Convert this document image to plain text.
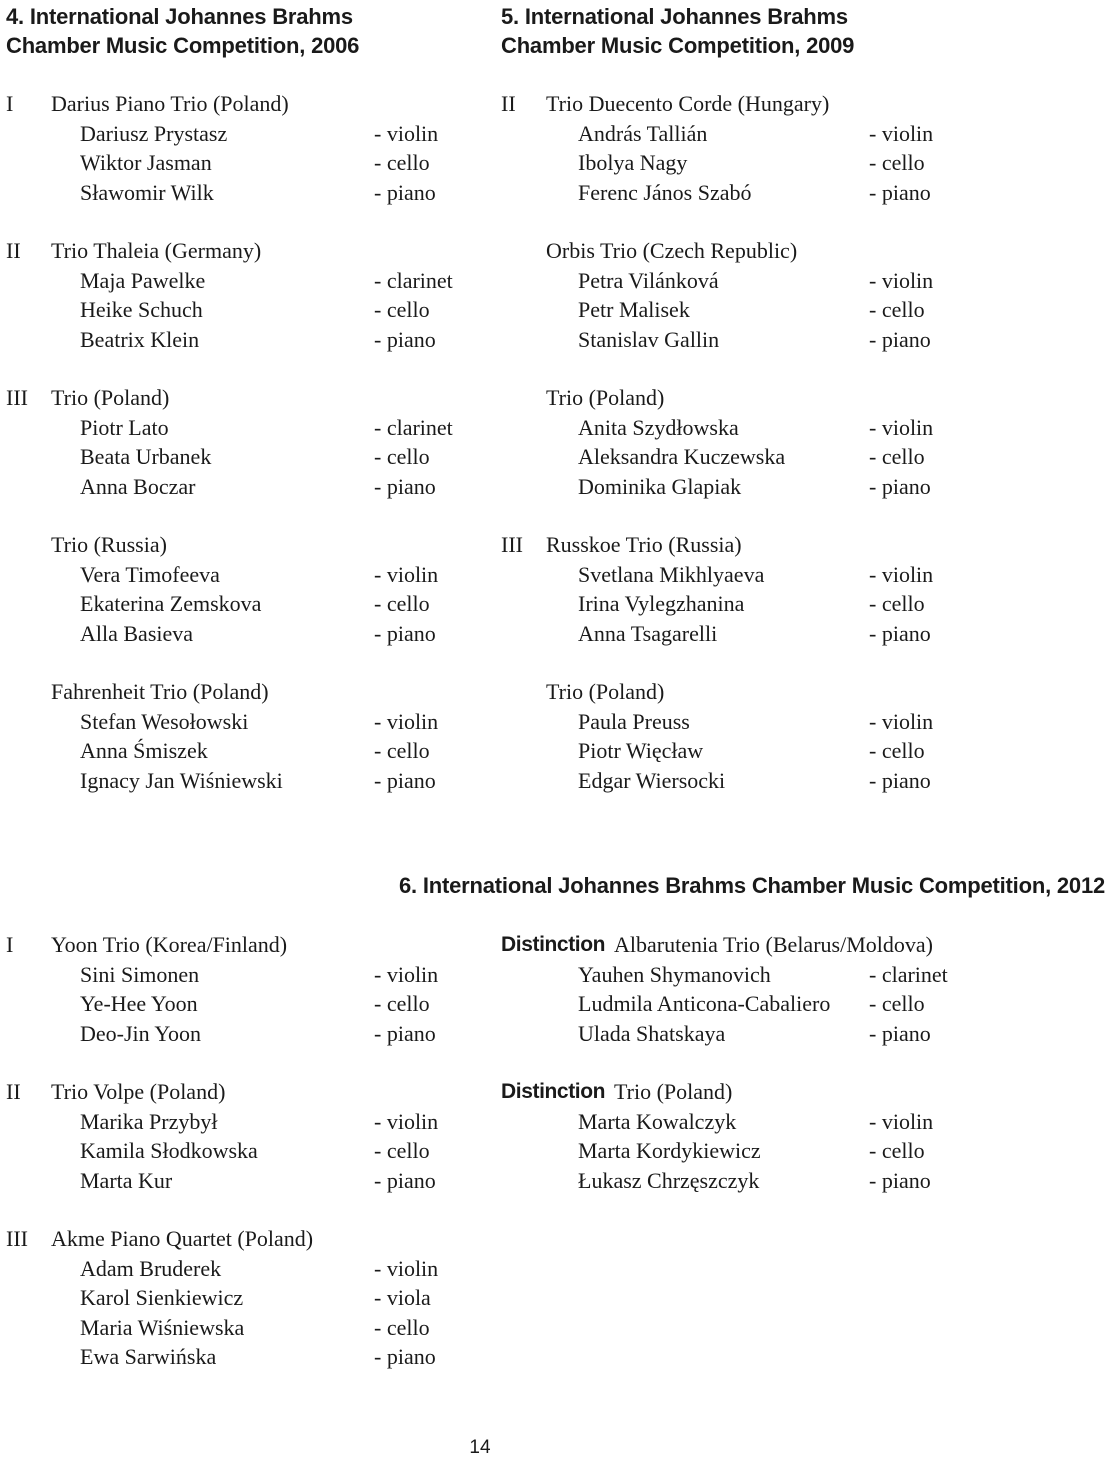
4. International Johannes Brahms
Chamber Music Competition, 2006
I Darius Piano Trio (Poland)
Dariusz Prystasz	- violin
Wiktor Jasman	- cello
Sławomir Wilk	- piano
II Trio Thaleia (Germany)
Maja Pawelke	- clarinet
Heike Schuch	- cello
Beatrix Klein	- piano
III Trio (Poland)
Piotr Lato	- clarinet
Beata Urbanek	- cello
Anna Boczar	- piano
Trio (Russia)
Vera Timofeeva	- violin
Ekaterina Zemskova	- cello
Alla Basieva	- piano
Fahrenheit Trio (Poland)
Stefan Wesołowski	- violin
Anna Śmiszek	- cello
Ignacy Jan Wiśniewski	- piano
5. International Johannes Brahms
Chamber Music Competition, 2009
II Trio Duecento Corde (Hungary)
András Tallián	- violin
Ibolya Nagy	- cello
Ferenc János Szabó	- piano
Orbis Trio (Czech Republic)
Petra Vilánková	- violin
Petr Malisek	- cello
Stanislav Gallin	- piano
Trio (Poland)
Anita Szydłowska	- violin
Aleksandra Kuczewska	- cello
Dominika Glapiak	- piano
III Russkoe Trio (Russia)
Svetlana Mikhlyaeva	- violin
Irina Vylegzhanina	- cello
Anna Tsagarelli	- piano
Trio (Poland)
Paula Preuss	- violin
Piotr Więcław	- cello
Edgar Wiersocki	- piano
6. International Johannes Brahms Chamber Music Competition, 2012
I Yoon Trio (Korea/Finland)
Sini Simonen	- violin
Ye-Hee Yoon	- cello
Deo-Jin Yoon	- piano
II Trio Volpe (Poland)
Marika Przybył	- violin
Kamila Słodkowska	- cello
Marta Kur	- piano
III Akme Piano Quartet (Poland)
Adam Bruderek	- violin
Karol Sienkiewicz	- viola
Maria Wiśniewska	- cello
Ewa Sarwińska	- piano
Distinction Albarutenia Trio (Belarus/Moldova)
Yauhen Shymanovich	- clarinet
Ludmila Anticona-Cabaliero - cello
Ulada Shatskaya	- piano
Distinction Trio (Poland)
Marta Kowalczyk	- violin
Marta Kordykiewicz	- cello
Łukasz Chrzęszczyk	- piano
14
